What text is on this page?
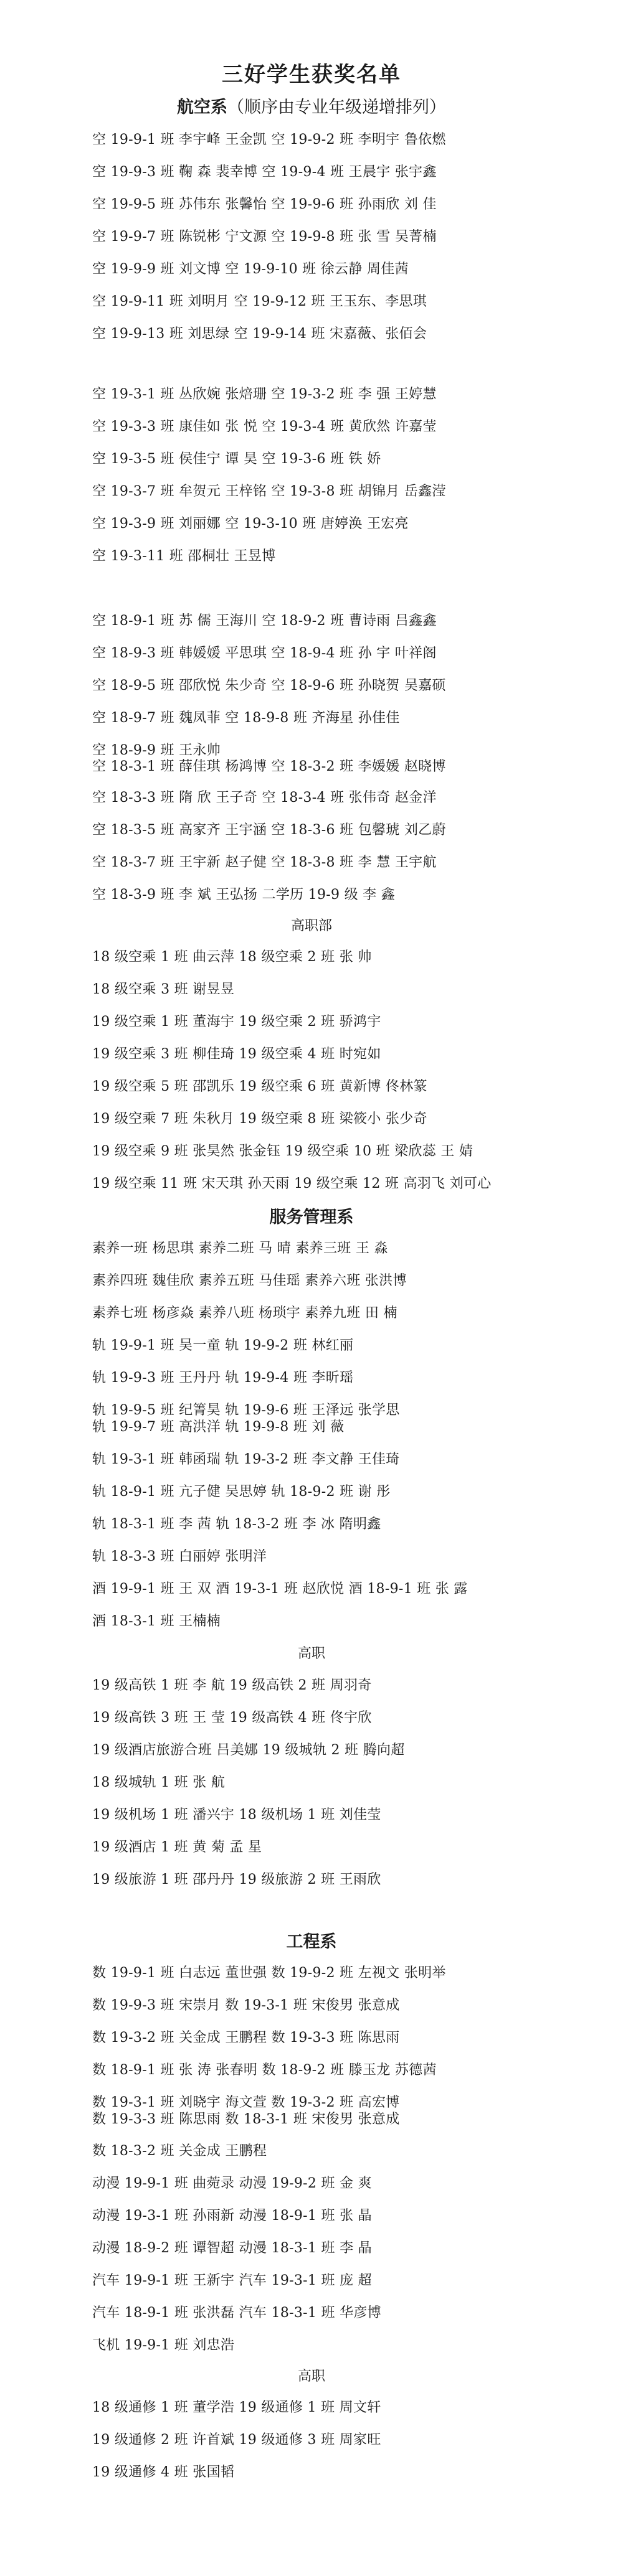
三好学生获奖名单
航空系（顺序由专业年级递增排列）
空 19-9-1 班 李宇峰 王金凯 空 19-9-2 班 李明宇 鲁依燃
空 19-9-3 班 鞠 森 裴幸博 空 19-9-4 班 王晨宇 张宇鑫
空 19-9-5 班 苏伟东 张馨怡 空 19-9-6 班 孙雨欣 刘 佳
空 19-9-7 班 陈锐彬 宁文源 空 19-9-8 班 张 雪 吴菁楠
空 19-9-9 班 刘文博 空 19-9-10 班 徐云静 周佳茜
空 19-9-11 班 刘明月 空 19-9-12 班 王玉东、李思琪
空 19-9-13 班 刘思绿 空 19-9-14 班 宋嘉薇、张佰会
空 19-3-1 班 丛欣婉 张焙珊 空 19-3-2 班 李 强 王婷慧
空 19-3-3 班 康佳如 张 悦 空 19-3-4 班 黄欣然 许嘉莹
空 19-3-5 班 侯佳宁 谭 昊 空 19-3-6 班 铁 娇
空 19-3-7 班 牟贺元 王梓铭 空 19-3-8 班 胡锦月 岳鑫滢
空 19-3-9 班 刘丽娜 空 19-3-10 班 唐婷涣 王宏亮
空 19-3-11 班 邵桐壮 王昱博
空 18-9-1 班 苏 儒 王海川 空 18-9-2 班 曹诗雨 吕鑫鑫
空 18-9-3 班 韩媛媛 平思琪 空 18-9-4 班 孙 宇 叶祥阁
空 18-9-5 班 邵欣悦 朱少奇 空 18-9-6 班 孙晓贺 吴嘉硕
空 18-9-7 班 魏凤菲 空 18-9-8 班 齐海星 孙佳佳
空 18-9-9 班 王永帅
空 18-3-1 班 薛佳琪 杨鸿博 空 18-3-2 班 李媛媛 赵晓博
空 18-3-3 班 隋 欣 王子奇 空 18-3-4 班 张伟奇 赵金洋
空 18-3-5 班 高家齐 王宇涵 空 18-3-6 班 包馨琥 刘乙蔚
空 18-3-7 班 王宇新 赵子健 空 18-3-8 班 李 慧 王宇航
空 18-3-9 班 李 斌 王弘扬 二学历 19-9 级 李 鑫
高职部
18 级空乘 1 班 曲云萍 18 级空乘 2 班 张 帅
18 级空乘 3 班 谢昱昱
19 级空乘 1 班 董海宇 19 级空乘 2 班 骄鸿宇
19 级空乘 3 班 柳佳琦 19 级空乘 4 班 时宛如
19 级空乘 5 班 邵凯乐 19 级空乘 6 班 黄新博 佟林篆
19 级空乘 7 班 朱秋月 19 级空乘 8 班 梁筱小 张少奇
19 级空乘 9 班 张昊然 张金钰 19 级空乘 10 班 梁欣蕊 王 婧
19 级空乘 11 班 宋天琪 孙天雨 19 级空乘 12 班 高羽飞 刘可心
服务管理系
素养一班 杨思琪 素养二班 马 晴 素养三班 王 淼
素养四班 魏佳欣 素养五班 马佳瑶 素养六班 张洪博
素养七班 杨彦焱 素养八班 杨琐宇 素养九班 田 楠
轨 19-9-1 班 吴一童 轨 19-9-2 班 林红丽
轨 19-9-3 班 王丹丹 轨 19-9-4 班 李昕瑶
轨 19-9-5 班 纪箐昊 轨 19-9-6 班 王泽远 张学思
轨 19-9-7 班 高洪洋 轨 19-9-8 班 刘 薇
轨 19-3-1 班 韩函瑞 轨 19-3-2 班 李文静 王佳琦
轨 18-9-1 班 亢子健 吴思婷 轨 18-9-2 班 谢 彤
轨 18-3-1 班 李 茜 轨 18-3-2 班 李 冰 隋明鑫
轨 18-3-3 班 白丽婷 张明洋
酒 19-9-1 班 王 双 酒 19-3-1 班 赵欣悦 酒 18-9-1 班 张 露
酒 18-3-1 班 王楠楠
高职
19 级高铁 1 班 李 航 19 级高铁 2 班 周羽奇
19 级高铁 3 班 王 莹 19 级高铁 4 班 佟宇欣
19 级酒店旅游合班 吕美娜 19 级城轨 2 班 腾向超
18 级城轨 1 班 张 航
19 级机场 1 班 潘兴宇 18 级机场 1 班 刘佳莹
19 级酒店 1 班 黄 菊 孟 星
19 级旅游 1 班 邵丹丹 19 级旅游 2 班 王雨欣
工程系
数 19-9-1 班 白志远 董世强 数 19-9-2 班 左视文 张明举
数 19-9-3 班 宋崇月 数 19-3-1 班 宋俊男 张意成
数 19-3-2 班 关金成 王鹏程 数 19-3-3 班 陈思雨
数 18-9-1 班 张 涛 张春明 数 18-9-2 班 滕玉龙 苏德茜
数 19-3-1 班 刘晓宇 海文萱 数 19-3-2 班 高宏博
数 19-3-3 班 陈思雨 数 18-3-1 班 宋俊男 张意成
数 18-3-2 班 关金成 王鹏程
动漫 19-9-1 班 曲菀录 动漫 19-9-2 班 金 爽
动漫 19-3-1 班 孙雨新 动漫 18-9-1 班 张 晶
动漫 18-9-2 班 谭智超 动漫 18-3-1 班 李 晶
汽车 19-9-1 班 王新宇 汽车 19-3-1 班 庞 超
汽车 18-9-1 班 张洪磊 汽车 18-3-1 班 华彦博
飞机 19-9-1 班 刘忠浩
高职
18 级通修 1 班 董学浩 19 级通修 1 班 周文轩
19 级通修 2 班 许首斌 19 级通修 3 班 周家旺
19 级通修 4 班 张国韬
